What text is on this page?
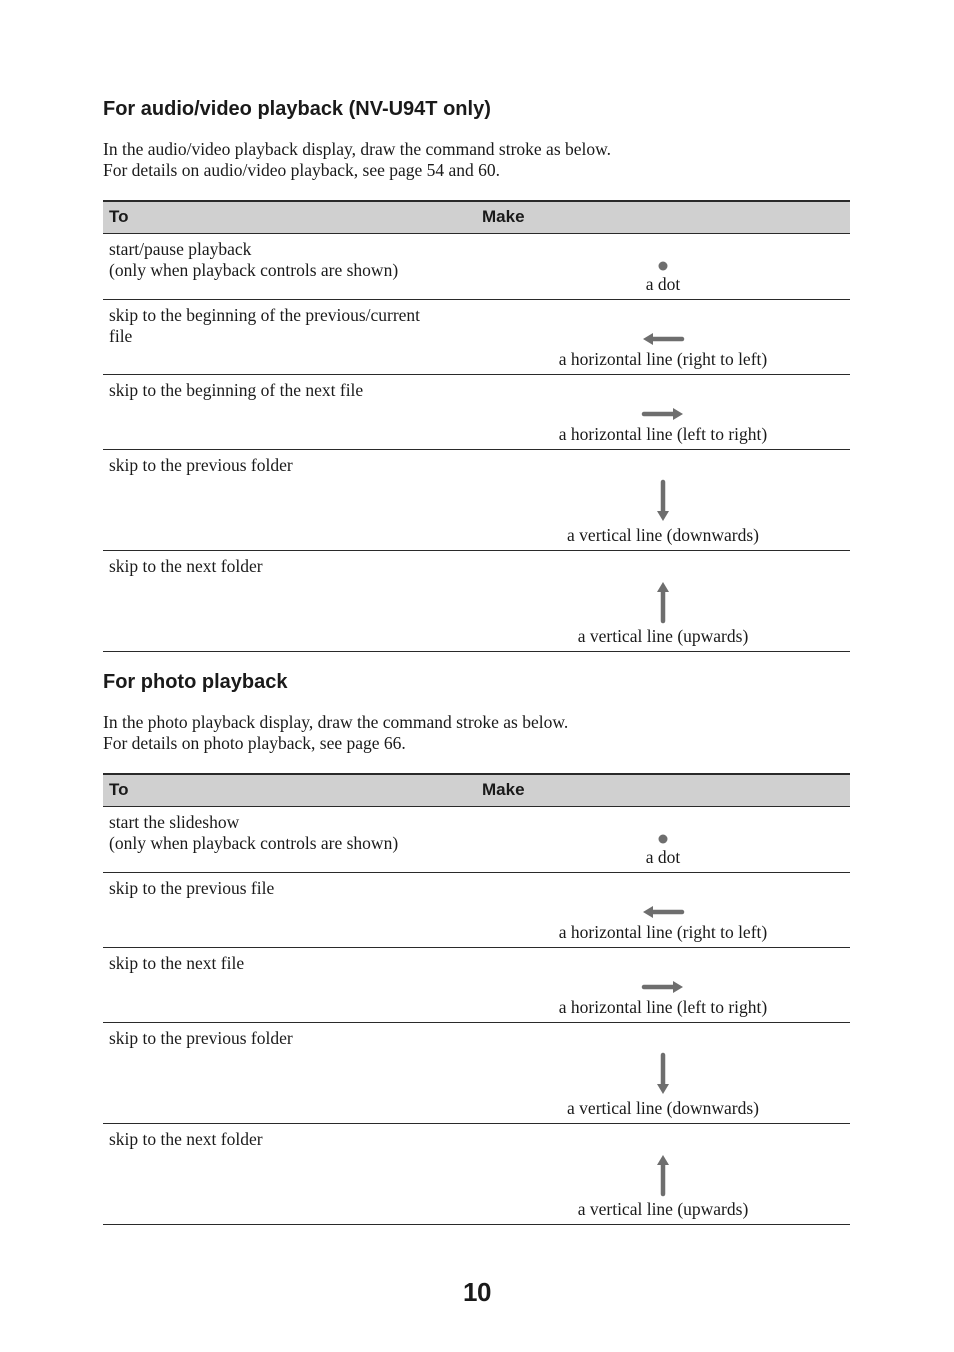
For audio/video playback (NV-U94T only)
In the audio/video playback display, draw the command stroke as below.
For details on audio/video playback, see page 54 and 60.
To	Make
start/pause playback
(only when playback controls are shown)	a dot
skip to the beginning of the previous/current
file	a horizontal line (right to left)
skip to the beginning of the next file	a horizontal line (left to right)
skip to the previous folder	a vertical line (downwards)
skip to the next folder	a vertical line (upwards)
For photo playback
In the photo playback display, draw the command stroke as below.
For details on photo playback, see page 66.
To	Make
start the slideshow
(only when playback controls are shown)	a dot
skip to the previous file	a horizontal line (right to left)
skip to the next file	a horizontal line (left to right)
skip to the previous folder	a vertical line (downwards)
skip to the next folder	a vertical line (upwards)
10
